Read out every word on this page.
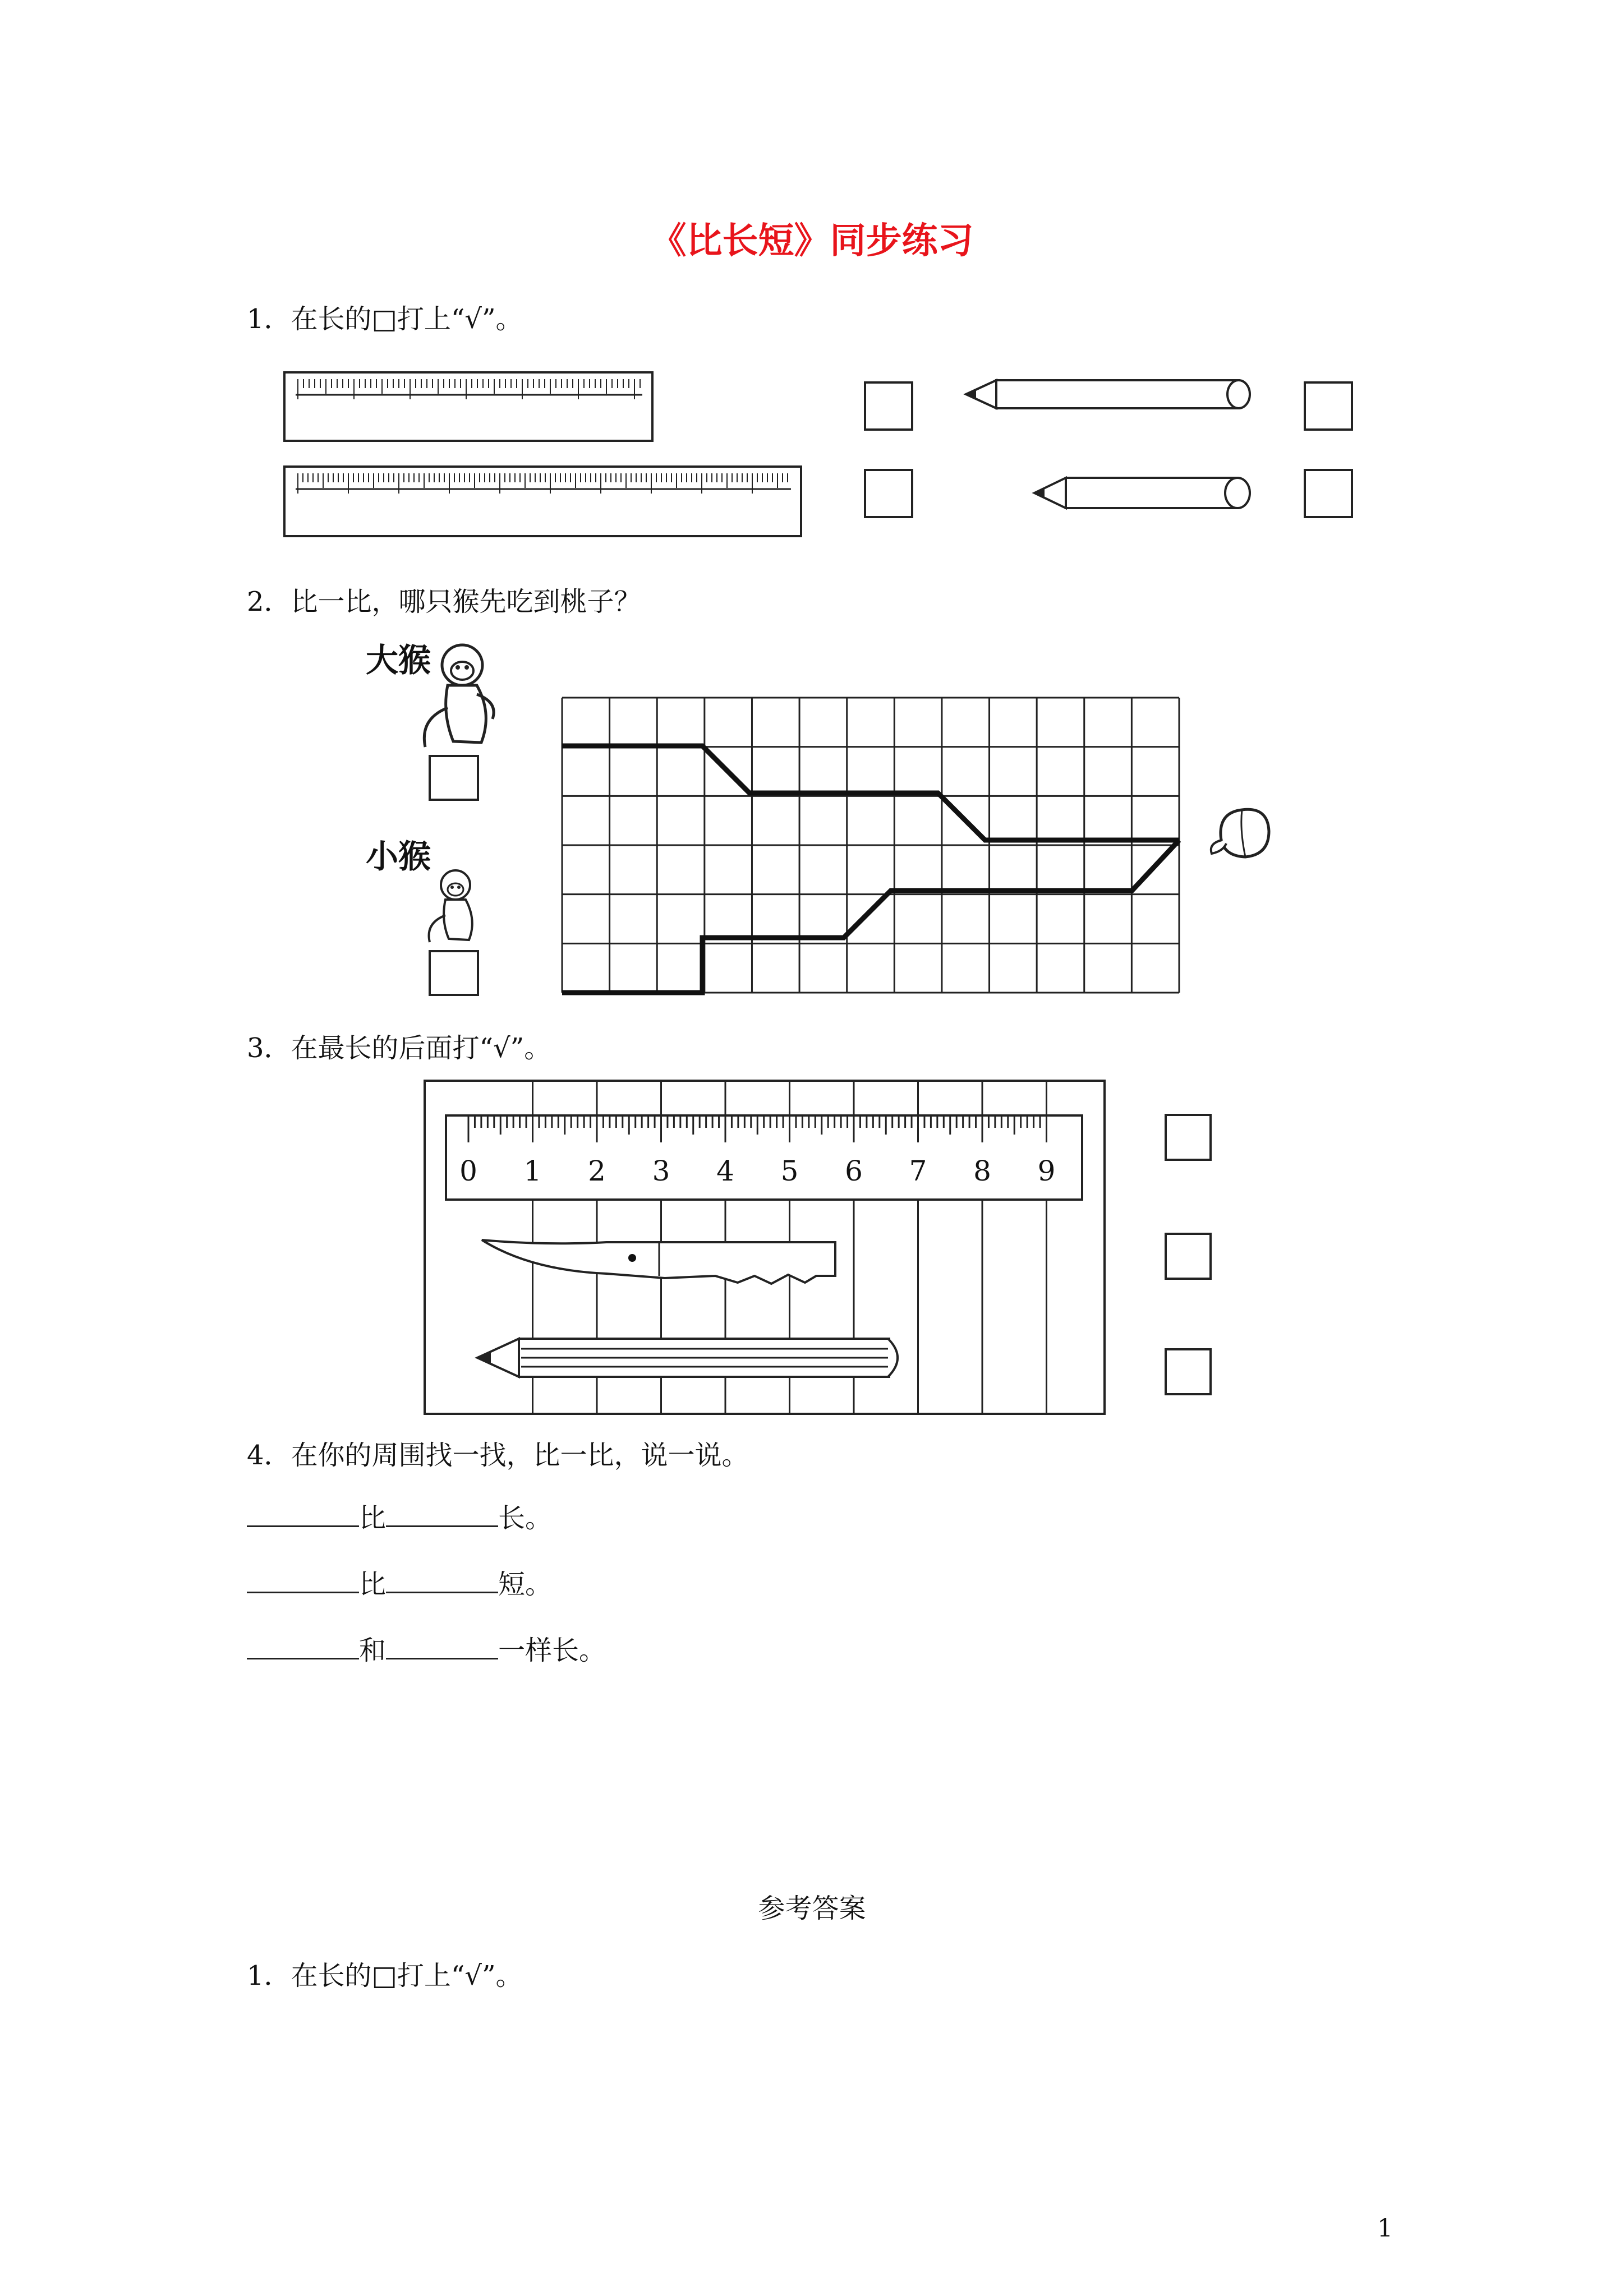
《比长短》同步练习
1．在长的□打上“√”。
2．比一比，哪只猴先吃到桃子？
大猴
小猴
3．在最长的后面打“√”。
0 1 2 3 4 5 6 7 8 9
4．在你的周围找一找，比一比，说一说。
比	长。
比	短。
和	一样长。
参考答案
1．在长的□打上“√”。
1
